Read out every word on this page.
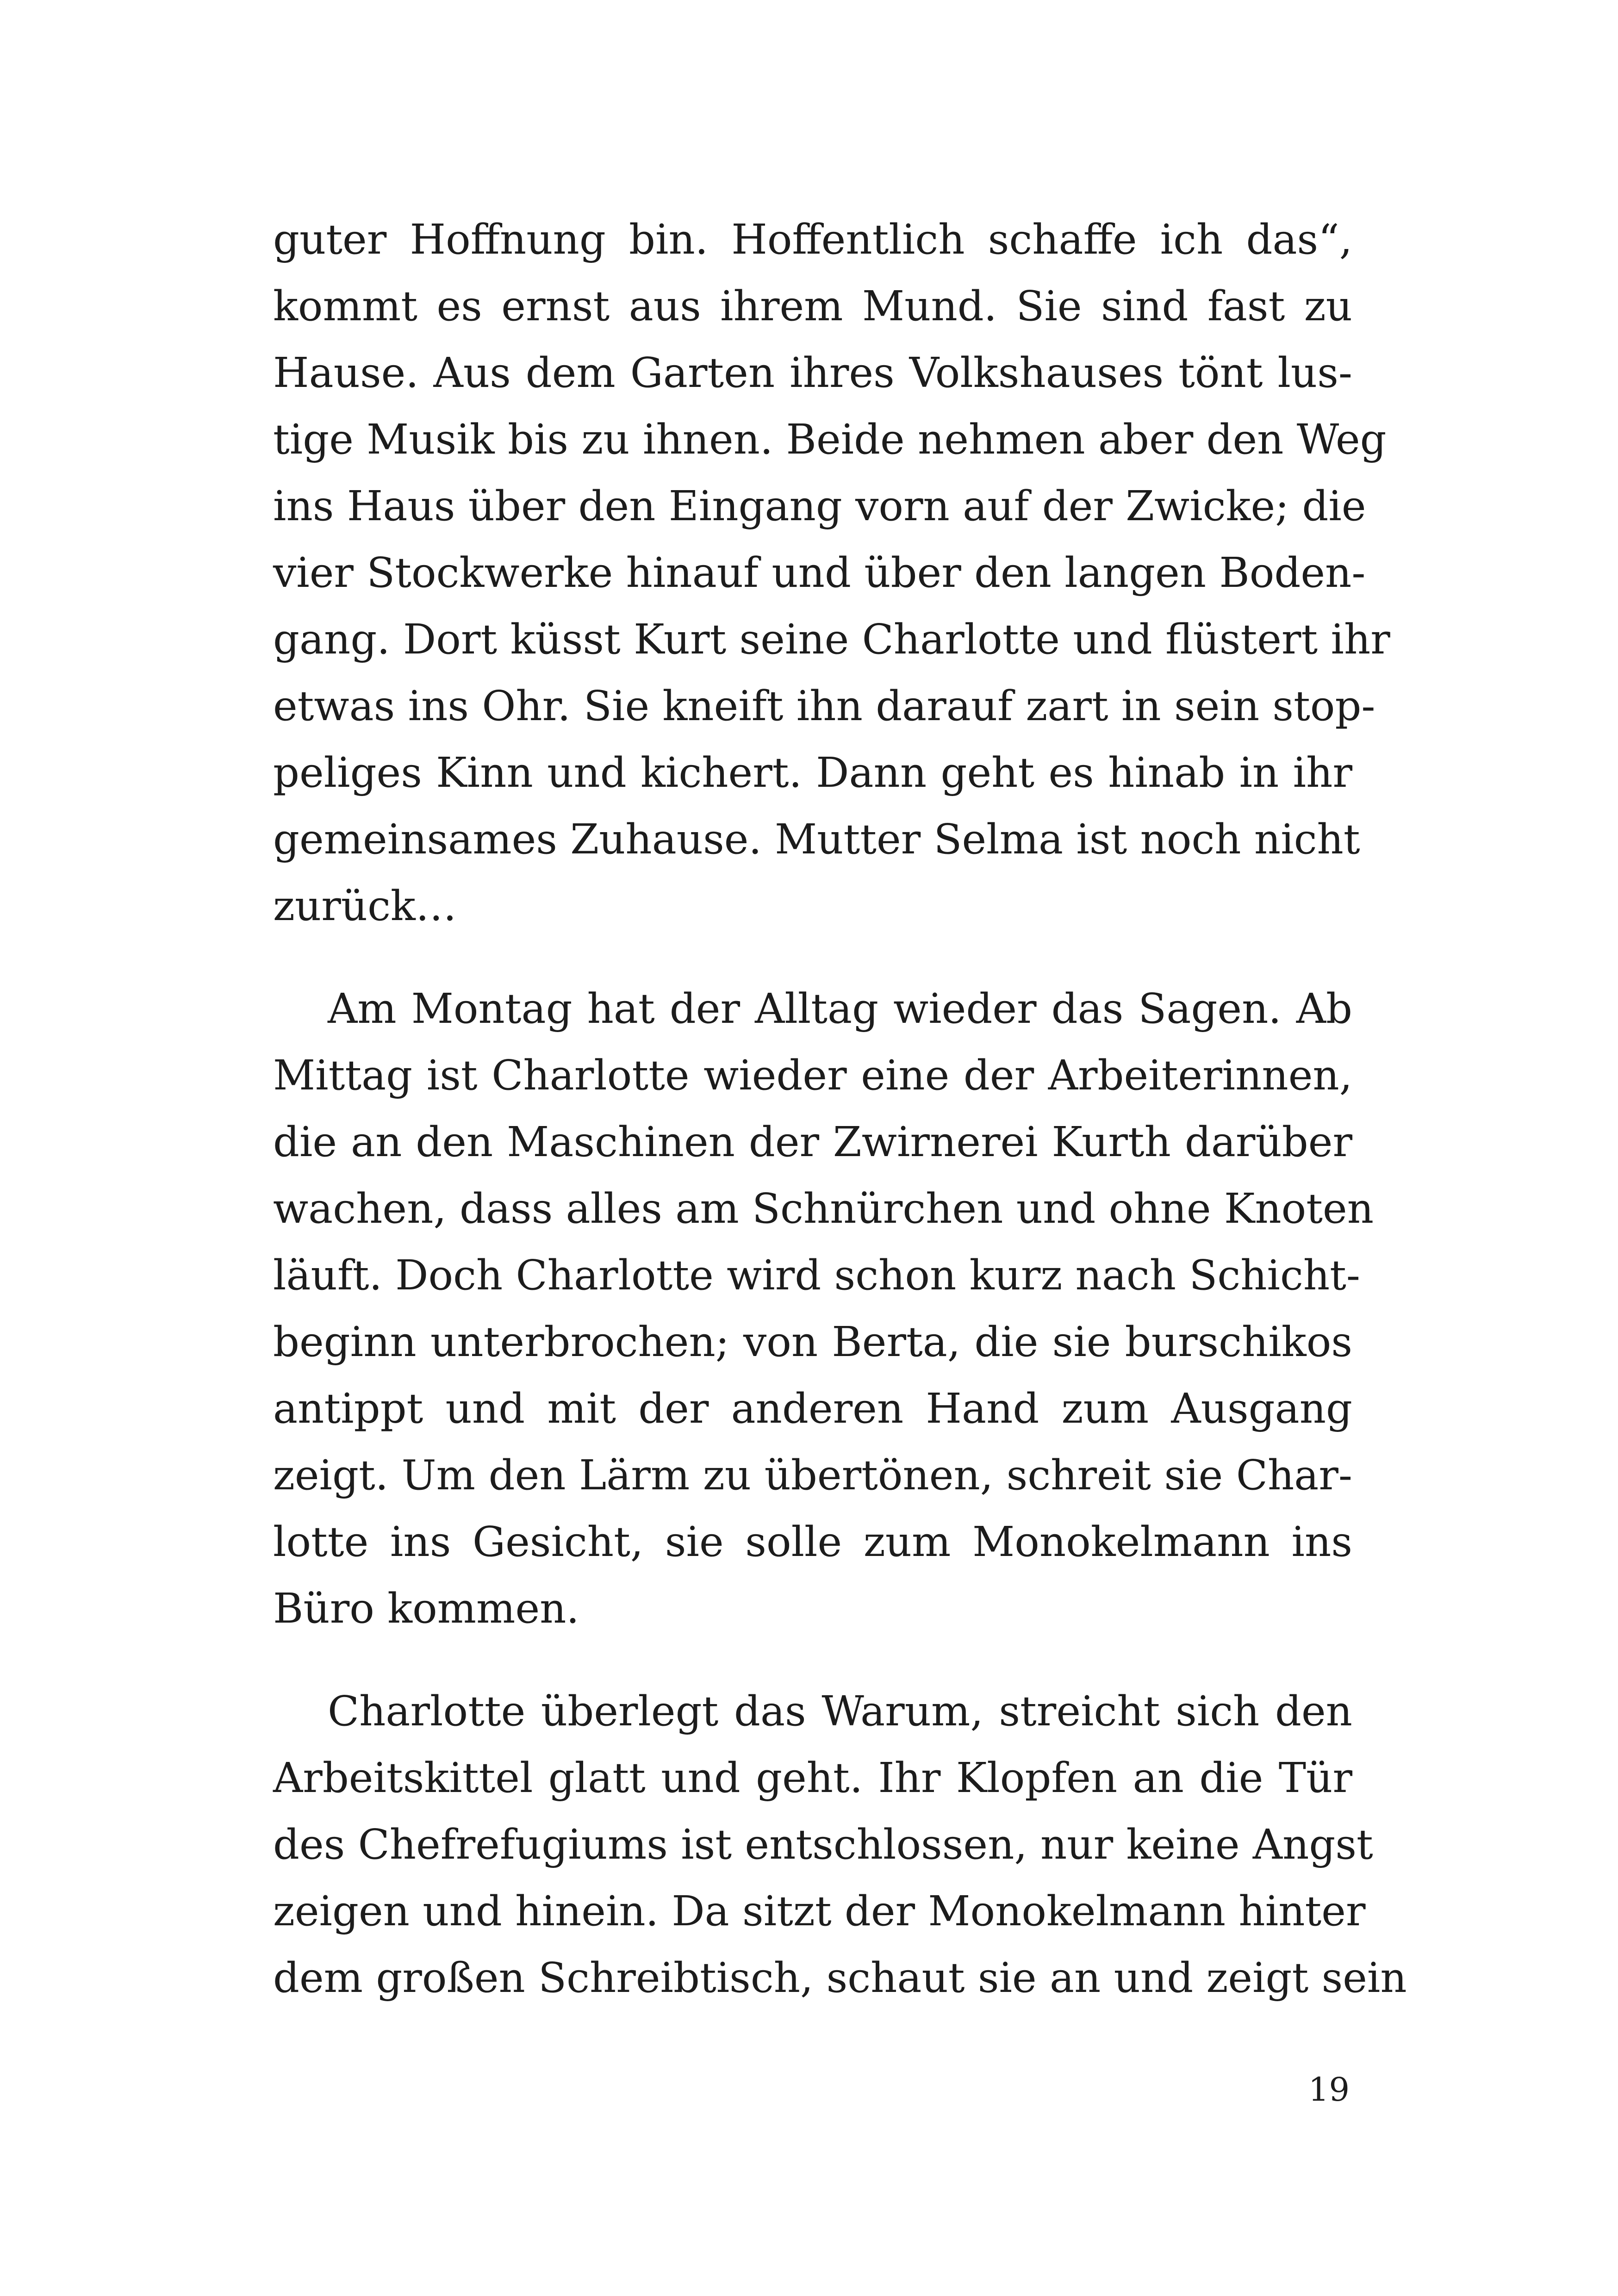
guter Hoffnung bin. Hoffentlich schaffe ich das“,
kommt es ernst aus ihrem Mund. Sie sind fast zu
Hause. Aus dem Garten ihres Volkshauses tönt lus-
tige Musik bis zu ihnen. Beide nehmen aber den Weg
ins Haus über den Eingang vorn auf der Zwicke; die
vier Stockwerke hinauf und über den langen Boden-
gang. Dort küsst Kurt seine Charlotte und flüstert ihr
etwas ins Ohr. Sie kneift ihn darauf zart in sein stop-
peliges Kinn und kichert. Dann geht es hinab in ihr
gemeinsames Zuhause. Mutter Selma ist noch nicht
zurück…
Am Montag hat der Alltag wieder das Sagen. Ab
Mittag ist Charlotte wieder eine der Arbeiterinnen,
die an den Maschinen der Zwirnerei Kurth darüber
wachen, dass alles am Schnürchen und ohne Knoten
läuft. Doch Charlotte wird schon kurz nach Schicht-
beginn unterbrochen; von Berta, die sie burschikos
antippt und mit der anderen Hand zum Ausgang
zeigt. Um den Lärm zu übertönen, schreit sie Char-
lotte ins Gesicht, sie solle zum Monokelmann ins
Büro kommen.
Charlotte überlegt das Warum, streicht sich den
Arbeitskittel glatt und geht. Ihr Klopfen an die Tür
des Chefrefugiums ist entschlossen, nur keine Angst
zeigen und hinein. Da sitzt der Monokelmann hinter
dem großen Schreibtisch, schaut sie an und zeigt sein
19
